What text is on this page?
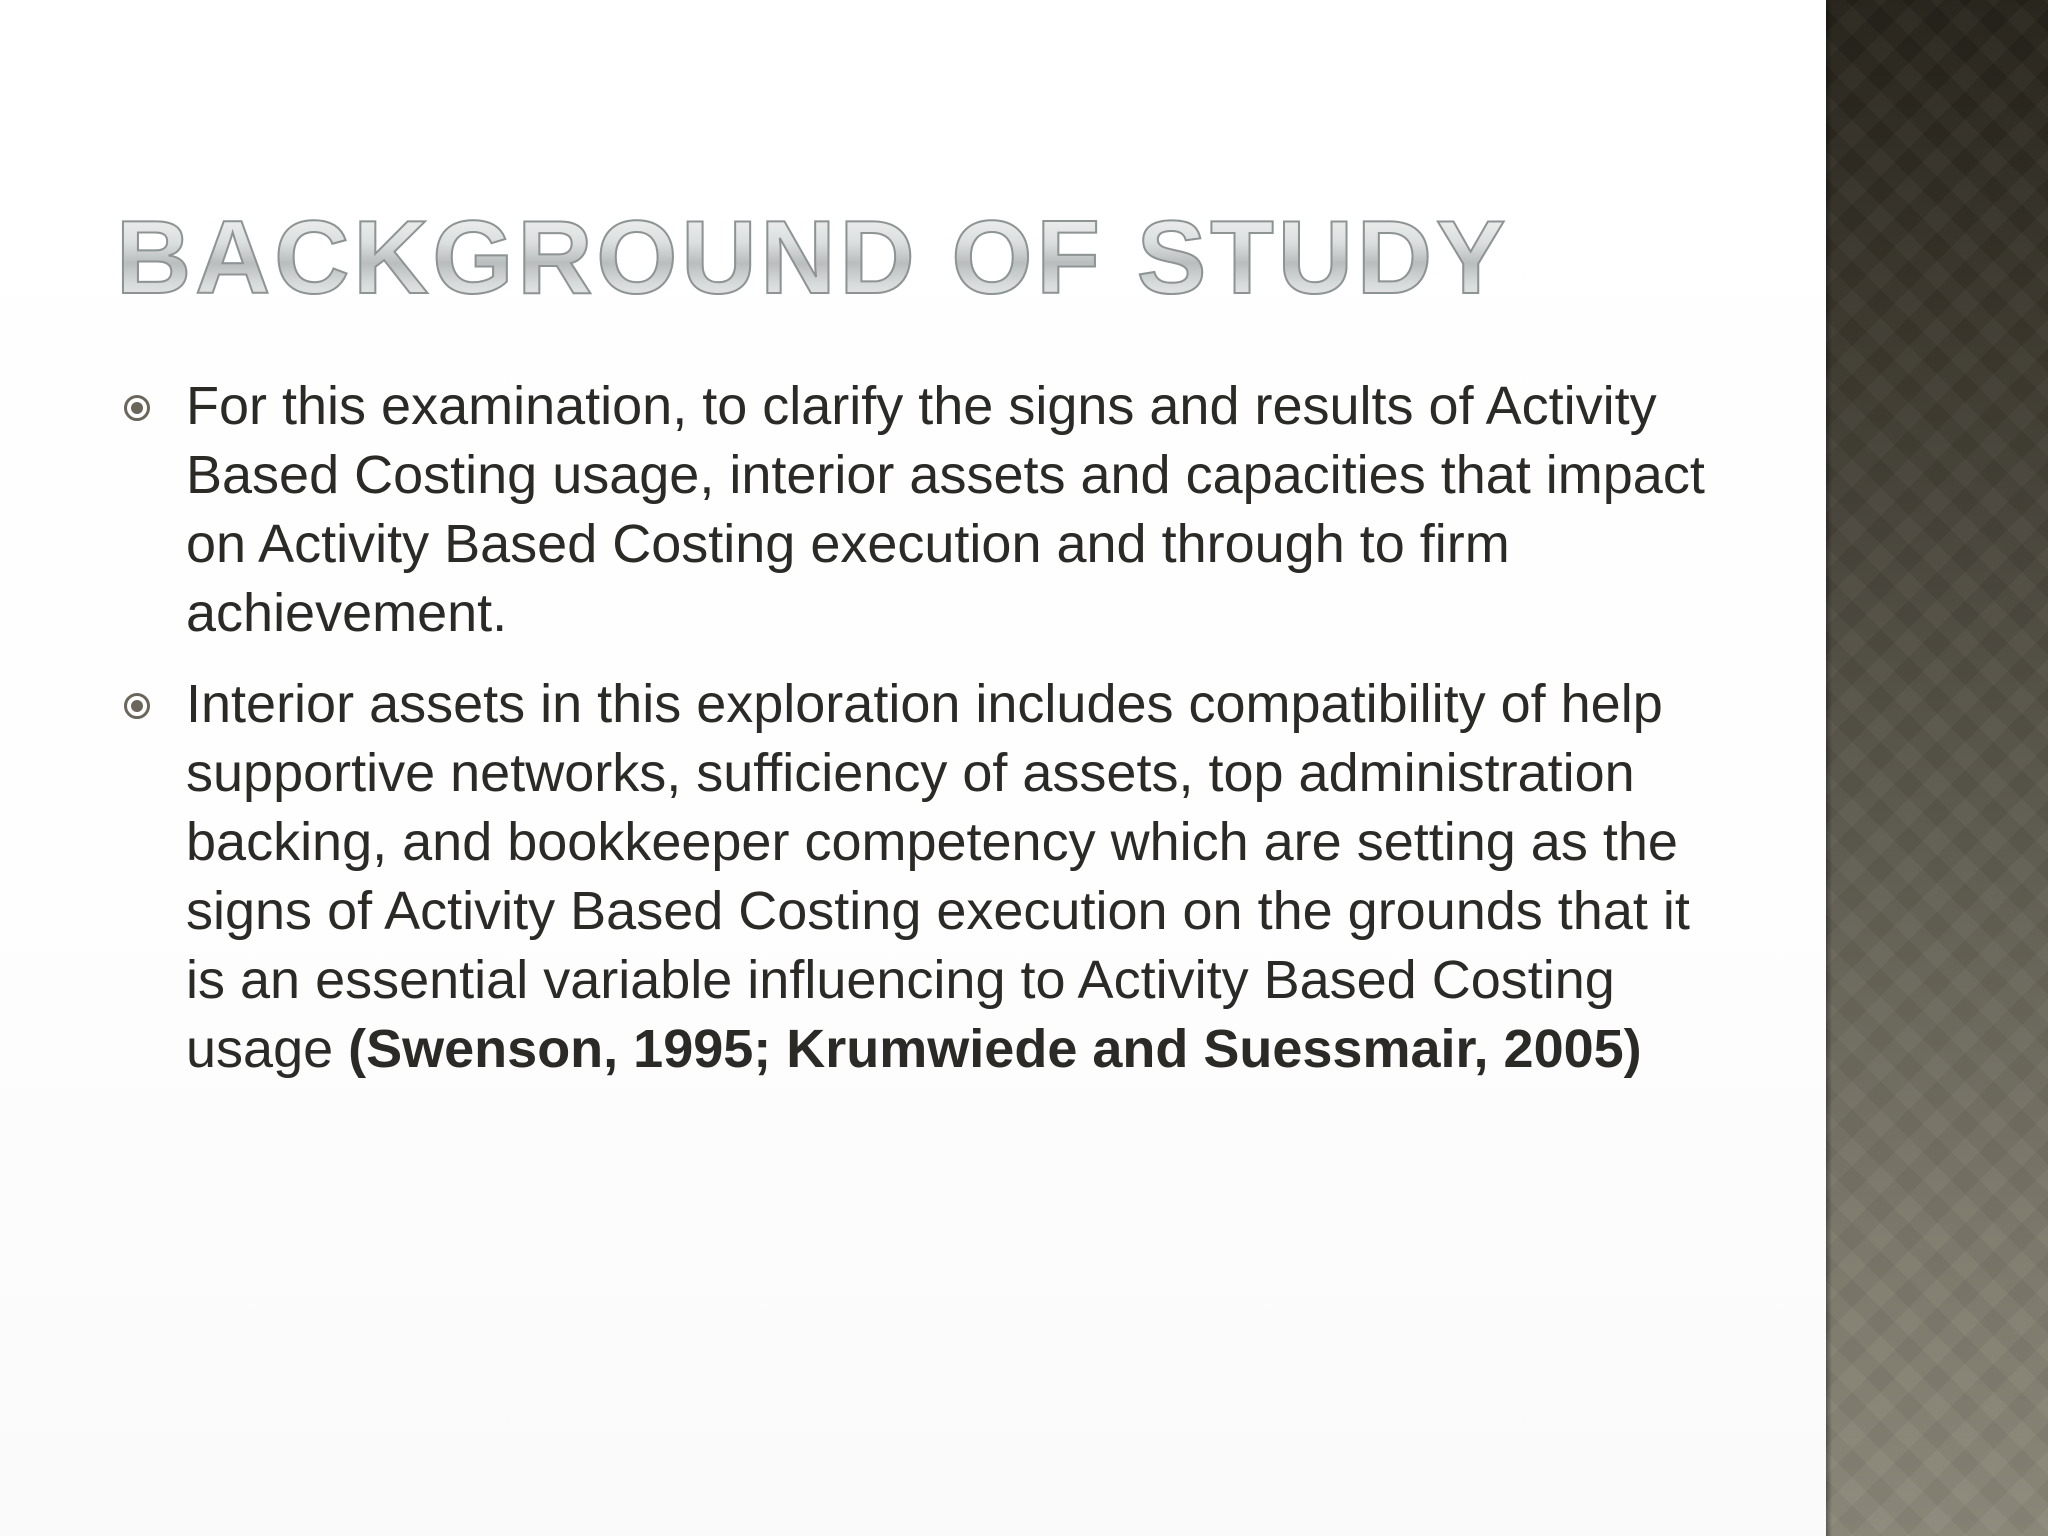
BACKGROUND OF STUDY
For this examination, to clarify the signs and results of Activity Based Costing usage, interior assets and capacities that impact on Activity Based Costing execution and through to firm achievement.
Interior assets in this exploration includes compatibility of help supportive networks, sufficiency of assets, top administration backing, and bookkeeper competency which are setting as the signs of Activity Based Costing execution on the grounds that it is an essential variable influencing to Activity Based Costing usage (Swenson, 1995; Krumwiede and Suessmair, 2005)
